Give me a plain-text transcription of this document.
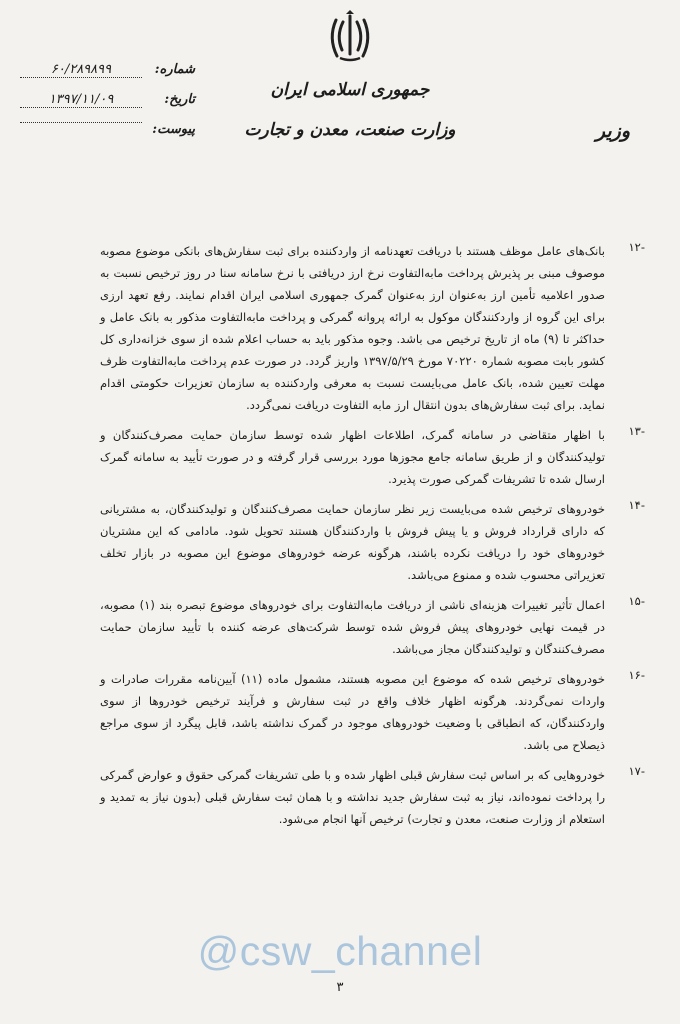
جمهوری اسلامی ایران
وزارت صنعت، معدن و تجارت	وزیر
شماره:
۶۰/۲۸۹۸۹۹
تاریخ:
۱۳۹۷/۱۱/۰۹
پیوست:
-۱۲
بانک‌های عامل موظف هستند با دریافت تعهدنامه از واردکننده برای ثبت سفارش‌های بانکی موضوع مصوبه موصوف مبنی بر پذیرش پرداخت مابه‌التفاوت نرخ ارز دریافتی با نرخ سامانه سنا در روز ترخیص نسبت به صدور اعلامیه تأمین ارز به‌عنوان ارز به‌عنوان گمرک جمهوری اسلامی ایران اقدام نمایند. رفع تعهد ارزی برای این گروه از واردکنندگان موکول به ارائه پروانه گمرکی و پرداخت مابه‌التفاوت مذکور به بانک عامل و حداکثر تا (۹) ماه از تاریخ ترخیص می باشد. وجوه مذکور باید به حساب اعلام شده از سوی خزانه‌داری کل کشور بابت مصوبه شماره ۷۰۲۲۰ مورخ ۱۳۹۷/۵/۲۹ واریز گردد. در صورت عدم پرداخت مابه‌التفاوت ظرف مهلت تعیین شده، بانک عامل می‌بایست نسبت به معرفی واردکننده به سازمان تعزیرات حکومتی اقدام نماید. برای ثبت سفارش‌های بدون انتقال ارز مابه التفاوت دریافت نمی‌گردد.
-۱۳
با اظهار متقاضی در سامانه گمرک، اطلاعات اظهار شده توسط سازمان حمایت مصرف‌کنندگان و تولیدکنندگان و از طریق سامانه جامع مجوزها مورد بررسی قرار گرفته و در صورت تأیید به سامانه گمرک ارسال شده تا تشریفات گمرکی صورت پذیرد.
-۱۴
خودروهای ترخیص شده می‌بایست زیر نظر سازمان حمایت مصرف‌کنندگان و تولیدکنندگان، به مشتریانی که دارای قرارداد فروش و یا پیش فروش با واردکنندگان هستند تحویل شود. مادامی که این مشتریان خودروهای خود را دریافت نکرده باشند، هرگونه عرضه خودروهای موضوع این مصوبه در بازار تخلف تعزیراتی محسوب شده و ممنوع می‌باشد.
-۱۵
اعمال تأثیر تغییرات هزینه‌ای ناشی از دریافت مابه‌التفاوت برای خودروهای موضوع تبصره بند (۱) مصوبه، در قیمت نهایی خودروهای پیش فروش شده توسط شرکت‌های عرضه کننده با تأیید سازمان حمایت مصرف‌کنندگان و تولیدکنندگان مجاز می‌باشد.
-۱۶
خودروهای ترخیص شده که موضوع این مصوبه هستند، مشمول ماده (۱۱) آیین‌نامه مقررات صادرات و واردات نمی‌گردند. هرگونه اظهار خلاف واقع در ثبت سفارش و فرآیند ترخیص خودروها از سوی واردکنندگان، که انطباقی با وضعیت خودروهای موجود در گمرک نداشته باشد، قابل پیگرد از سوی مراجع ذیصلاح می باشد.
-۱۷
خودروهایی که بر اساس ثبت سفارش قبلی اظهار شده و با طی تشریفات گمرکی حقوق و عوارض گمرکی را پرداخت نموده‌اند، نیاز به ثبت سفارش جدید نداشته و با همان ثبت سفارش قبلی (بدون نیاز به تمدید و استعلام از وزارت صنعت، معدن و تجارت) ترخیص آنها انجام می‌شود.
@csw_channel
۳
